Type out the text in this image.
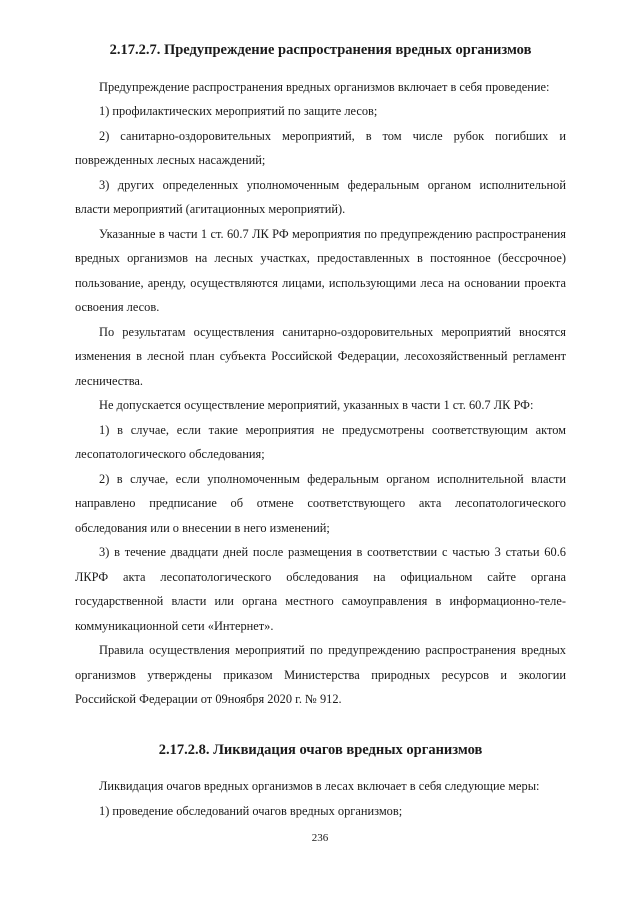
2.17.2.7. Предупреждение распространения вредных организмов

Предупреждение распространения вредных организмов включает в себя проведение:

1) профилактических мероприятий по защите лесов;

2) санитарно-оздоровительных мероприятий, в том числе рубок погибших и поврежденных лесных насаждений;

3) других определенных уполномоченным федеральным органом исполнительной власти мероприятий (агитационных мероприятий).

Указанные в части 1 ст. 60.7 ЛК РФ мероприятия по предупреждению распространения вредных организмов на лесных участках, предоставленных в постоянное (бессрочное) пользование, аренду, осуществляются лицами, использующими леса на основании проекта освоения лесов.

По результатам осуществления санитарно-оздоровительных мероприятий вносятся изменения в лесной план субъекта Российской Федерации, лесохозяйственный регламент лесничества.

Не допускается осуществление мероприятий, указанных в части 1 ст. 60.7 ЛК РФ:

1) в случае, если такие мероприятия не предусмотрены соответствующим актом лесопатологического обследования;

2) в случае, если уполномоченным федеральным органом исполнительной власти направлено предписание об отмене соответствующего акта лесопатологического обследования или о внесении в него изменений;

3) в течение двадцати дней после размещения в соответствии с частью 3 статьи 60.6 ЛКРФ акта лесопатологического обследования на официальном сайте органа государственной власти или органа местного самоуправления в информационно-теле-коммуникационной сети «Интернет».

Правила осуществления мероприятий по предупреждению распространения вредных организмов утверждены приказом Министерства природных ресурсов и экологии Российской Федерации от 09ноября 2020 г. № 912.

2.17.2.8. Ликвидация очагов вредных организмов

Ликвидация очагов вредных организмов в лесах включает в себя следующие меры:

1) проведение обследований очагов вредных организмов;

236
